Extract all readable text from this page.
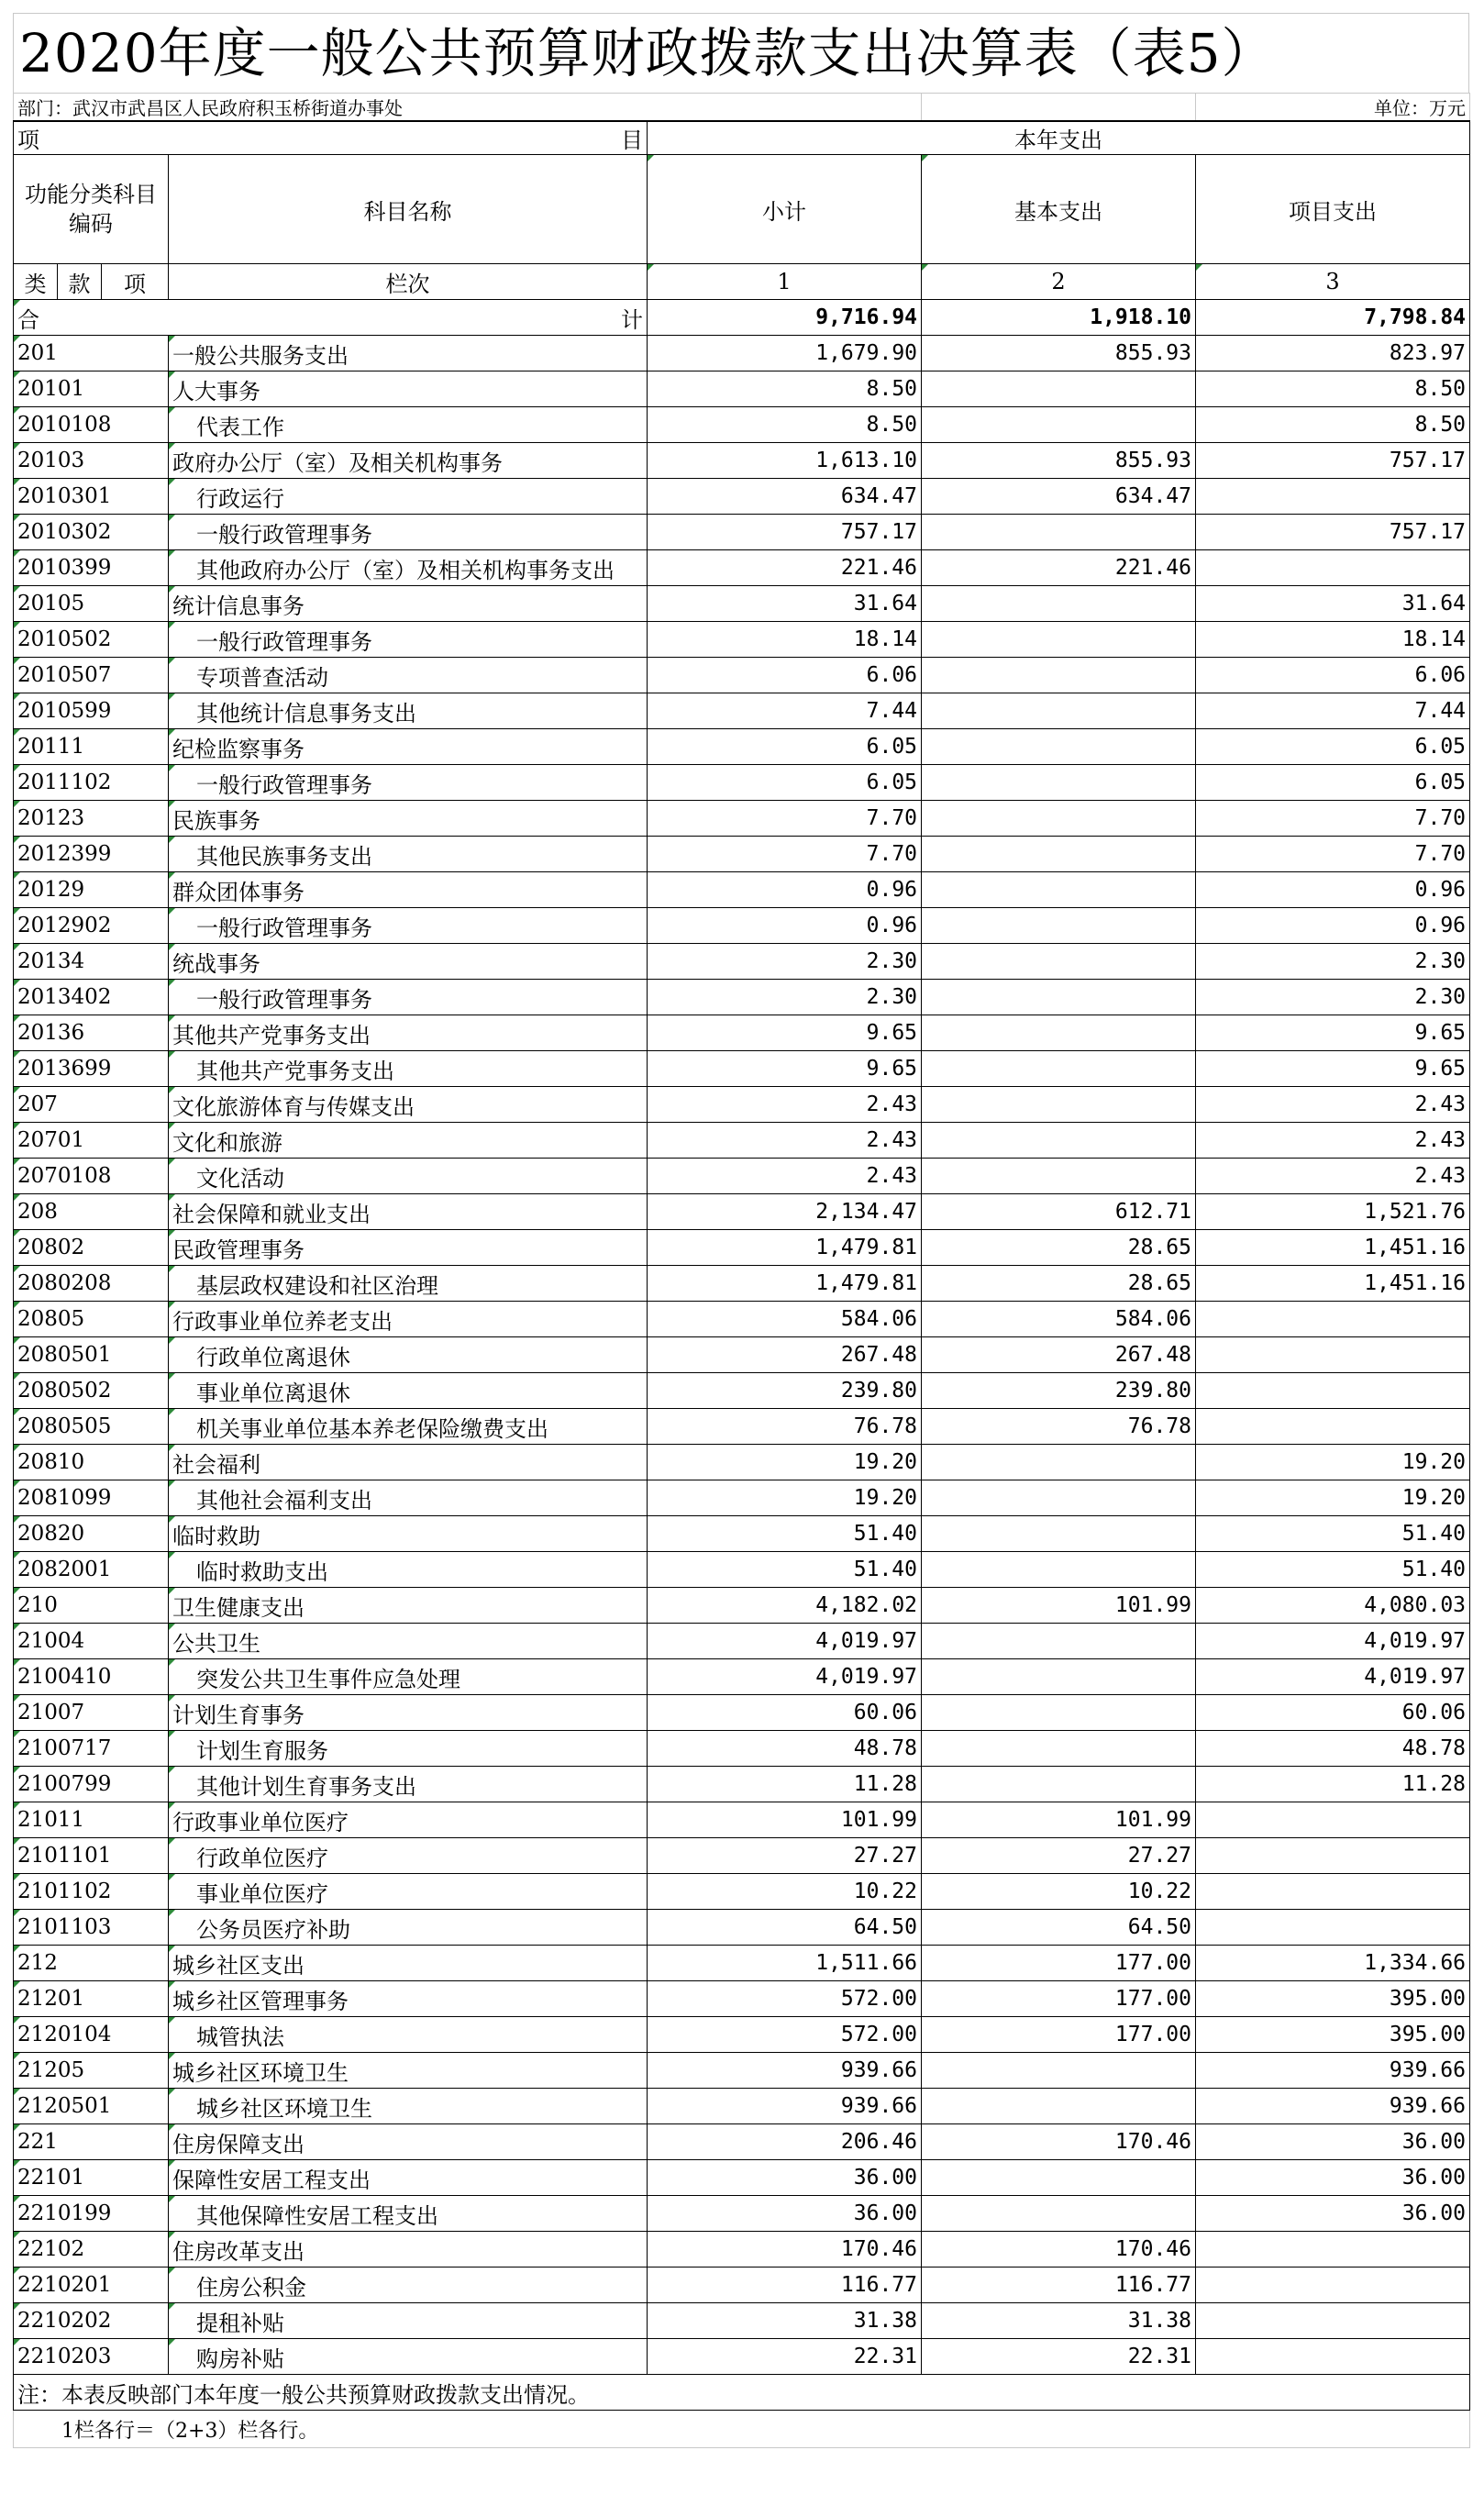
2020年度一般公共预算财政拨款支出决算表（表5）
部门：武汉市武昌区人民政府积玉桥街道办事处						单位：万元

项 目				本年支出		
功能分类科目编码			科目名称	小计	基本支出	项目支出
类	款	项	栏次	1	2	3

合 计				9,716.94	1,918.10	7,798.84
201			一般公共服务支出	1,679.90	855.93	823.97
20101			人大事务	8.50		8.50
2010108			代表工作	8.50		8.50
20103			政府办公厅（室）及相关机构事务	1,613.10	855.93	757.17
2010301			行政运行	634.47	634.47	
2010302			一般行政管理事务	757.17		757.17
2010399			其他政府办公厅（室）及相关机构事务支出	221.46	221.46	
20105			统计信息事务	31.64		31.64
2010502			一般行政管理事务	18.14		18.14
2010507			专项普查活动	6.06		6.06
2010599			其他统计信息事务支出	7.44		7.44
20111			纪检监察事务	6.05		6.05
2011102			一般行政管理事务	6.05		6.05
20123			民族事务	7.70		7.70
2012399			其他民族事务支出	7.70		7.70
20129			群众团体事务	0.96		0.96
2012902			一般行政管理事务	0.96		0.96
20134			统战事务	2.30		2.30
2013402			一般行政管理事务	2.30		2.30
20136			其他共产党事务支出	9.65		9.65
2013699			其他共产党事务支出	9.65		9.65
207			文化旅游体育与传媒支出	2.43		2.43
20701			文化和旅游	2.43		2.43
2070108			文化活动	2.43		2.43
208			社会保障和就业支出	2,134.47	612.71	1,521.76
20802			民政管理事务	1,479.81	28.65	1,451.16
2080208			基层政权建设和社区治理	1,479.81	28.65	1,451.16
20805			行政事业单位养老支出	584.06	584.06	
2080501			行政单位离退休	267.48	267.48	
2080502			事业单位离退休	239.80	239.80	
2080505			机关事业单位基本养老保险缴费支出	76.78	76.78	
20810			社会福利	19.20		19.20
2081099			其他社会福利支出	19.20		19.20
20820			临时救助	51.40		51.40
2082001			临时救助支出	51.40		51.40
210			卫生健康支出	4,182.02	101.99	4,080.03
21004			公共卫生	4,019.97		4,019.97
2100410			突发公共卫生事件应急处理	4,019.97		4,019.97
21007			计划生育事务	60.06		60.06
2100717			计划生育服务	48.78		48.78
2100799			其他计划生育事务支出	11.28		11.28
21011			行政事业单位医疗	101.99	101.99	
2101101			行政单位医疗	27.27	27.27	
2101102			事业单位医疗	10.22	10.22	
2101103			公务员医疗补助	64.50	64.50	
212			城乡社区支出	1,511.66	177.00	1,334.66
21201			城乡社区管理事务	572.00	177.00	395.00
2120104			城管执法	572.00	177.00	395.00
21205			城乡社区环境卫生	939.66		939.66
2120501			城乡社区环境卫生	939.66		939.66
221			住房保障支出	206.46	170.46	36.00
22101			保障性安居工程支出	36.00		36.00
2210199			其他保障性安居工程支出	36.00		36.00
22102			住房改革支出	170.46	170.46	
2210201			住房公积金	116.77	116.77	
2210202			提租补贴	31.38	31.38	
2210203			购房补贴	22.31	22.31	
注：本表反映部门本年度一般公共预算财政拨款支出情况。						
1栏各行＝（2+3）栏各行。						
